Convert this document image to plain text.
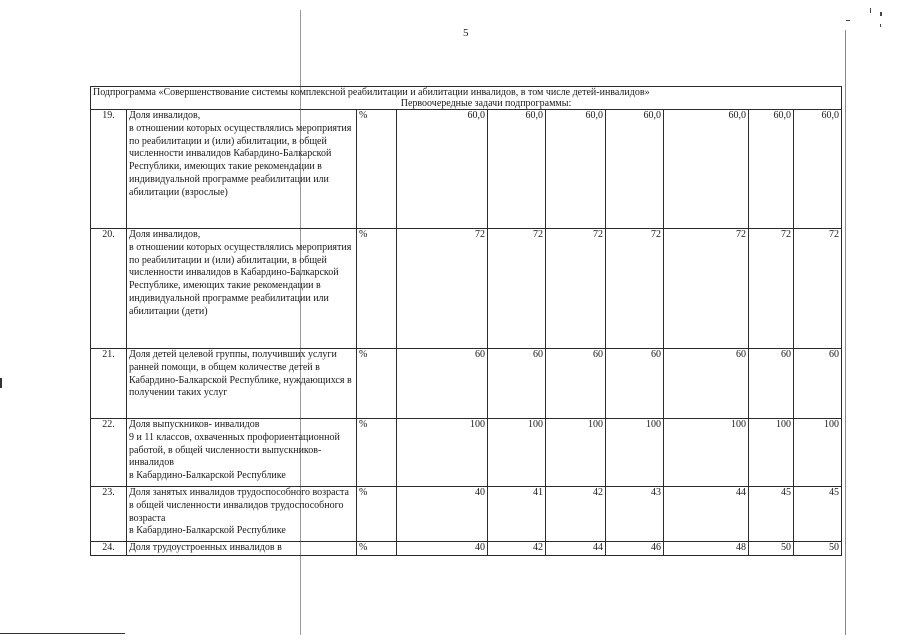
5
Подпрограмма «Совершенствование системы комплексной реабилитации и абилитации инвалидов, в том числе детей-инвалидов»
Первоочередные задачи подпрограммы:									

19.	Доля инвалидов,
в отношении которых осуществлялись мероприятия по реабилитации и (или) абилитации, в общей численности инвалидов Кабардино-Балкарской Республики, имеющих такие рекомендации в индивидуальной программе реабилитации или абилитации (взрослые)	%	60,0	60,0	60,0	60,0	60,0	60,0	60,0
20.	Доля инвалидов,
в отношении которых осуществлялись мероприятия по реабилитации и (или) абилитации, в общей численности инвалидов в Кабардино-Балкарской Республике, имеющих такие рекомендации в индивидуальной программе реабилитации или абилитации (дети)	%	72	72	72	72	72	72	72
21.	Доля детей целевой группы, получивших услуги ранней помощи, в общем количестве детей в Кабардино-Балкарской Республике, нуждающихся в получении таких услуг	%	60	60	60	60	60	60	60
22.	Доля выпускников- инвалидов
9 и 11 классов, охваченных профориентационной работой, в общей численности выпускников- инвалидов
в Кабардино-Балкарской Республике	%	100	100	100	100	100	100	100
23.	Доля занятых инвалидов трудоспособного возраста в общей численности инвалидов трудоспособного возраста
в Кабардино-Балкарской Республике	%	40	41	42	43	44	45	45
24.	Доля трудоустроенных инвалидов в	%	40	42	44	46	48	50	50
